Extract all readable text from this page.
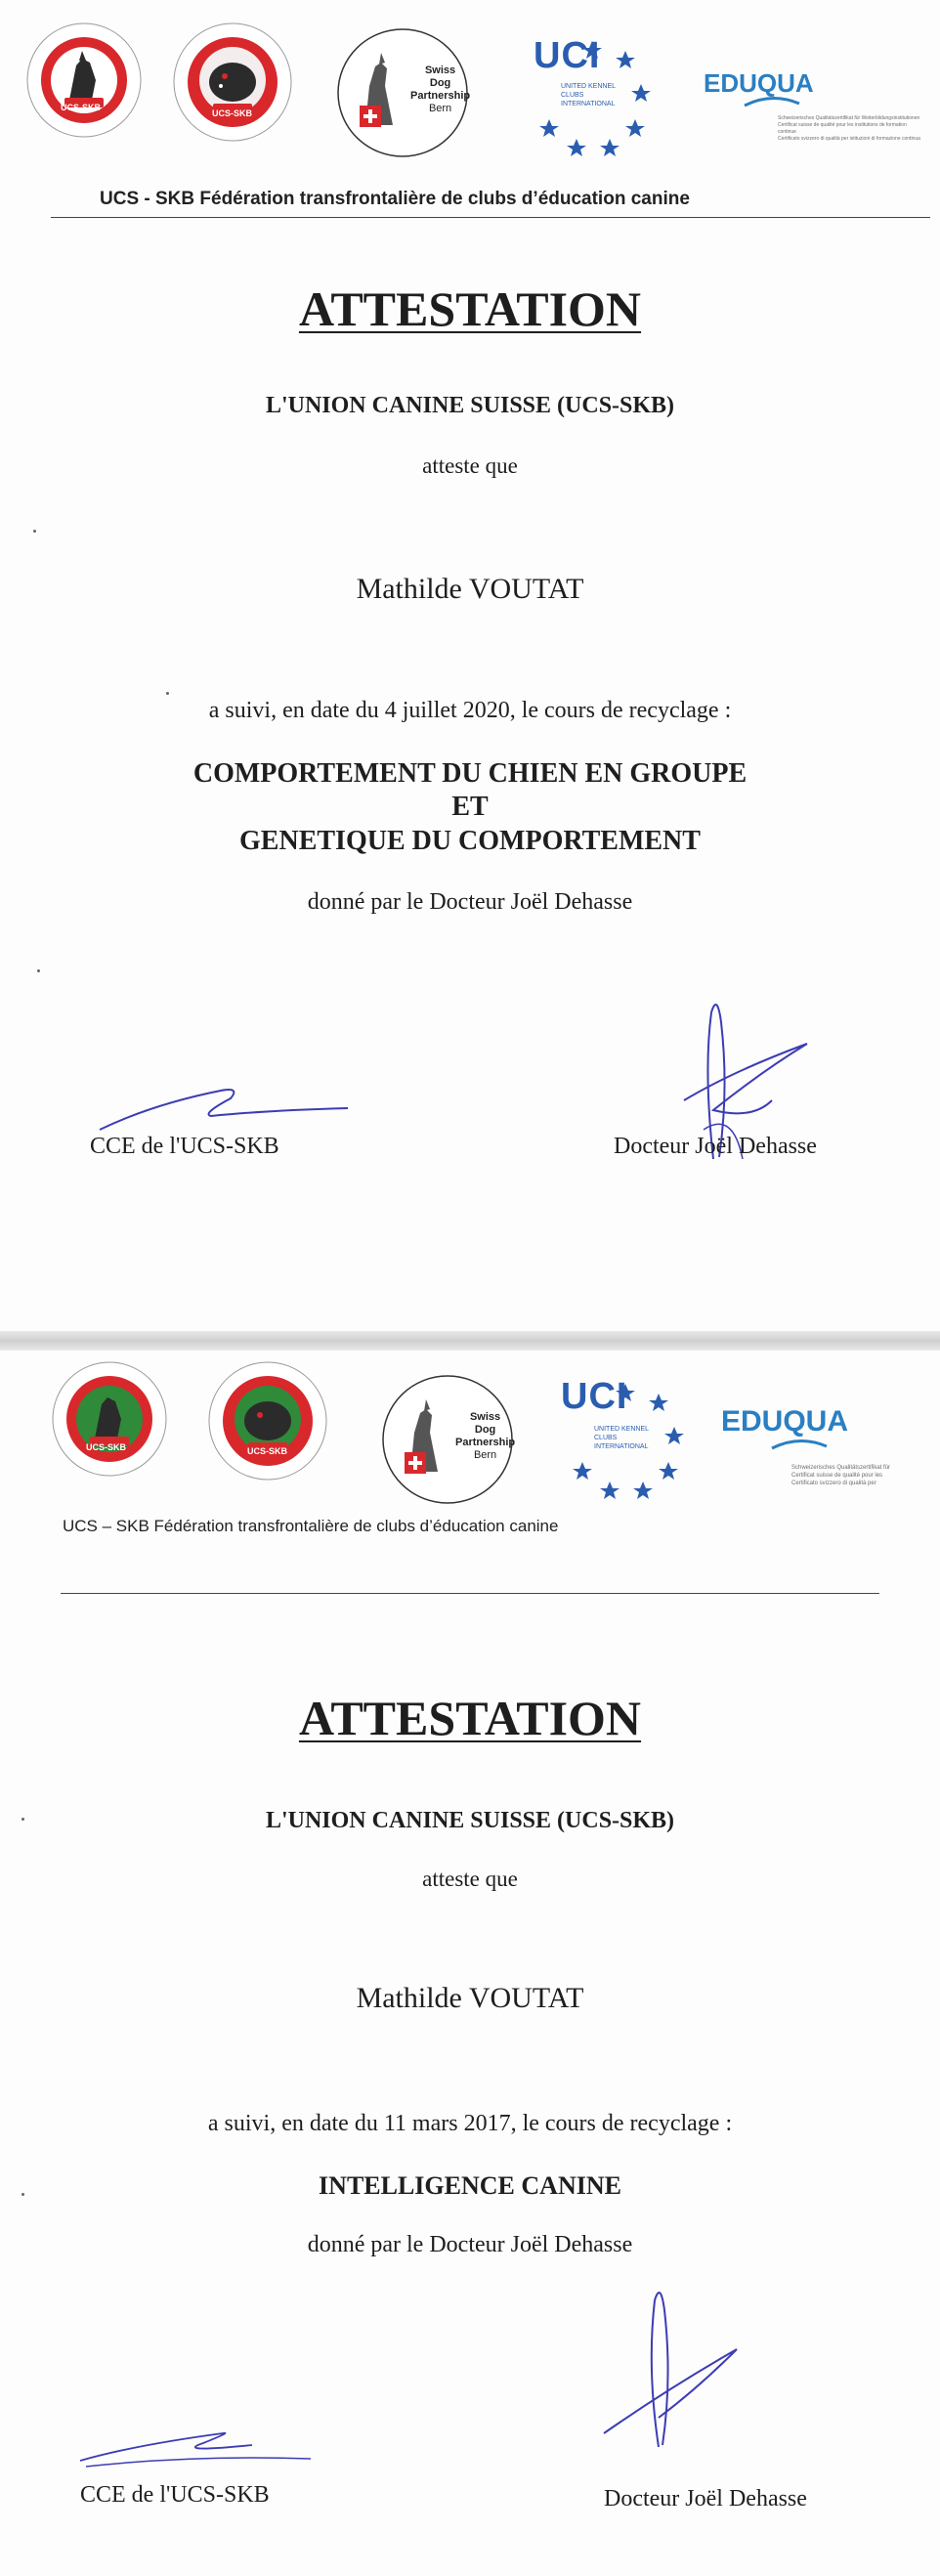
UCS-SKB
UCS-SKB
Swiss
Dog
Partnership
Bern
UCI
UNITED KENNEL
CLUBS
INTERNATIONAL
EDUQUA
Schweizerisches Qualitätszertifikat für Weiterbildungsinstitutionen
Certificat suisse de qualité pour les institutions de formation continue
Certificato svizzero di qualità per istituzioni di formazione continua
UCS - SKB Fédération transfrontalière de clubs d’éducation canine
ATTESTATION
L'UNION CANINE SUISSE (UCS-SKB)
atteste que
Mathilde VOUTAT
a suivi, en date du 4 juillet 2020, le cours de recyclage :
COMPORTEMENT DU CHIEN EN GROUPE
ET
GENETIQUE DU COMPORTEMENT
donné par le Docteur Joël Dehasse
CCE de l'UCS-SKB	Docteur Joël Dehasse
UCS-SKB	UCS-SKB
Swiss
Dog
Partnership
Bern
UCI
UNITED KENNEL
CLUBS
INTERNATIONAL
EDUQUA
Schweizerisches Qualitätszertifikat für
Certificat suisse de qualité pour les
Certificato svizzero di qualità per
UCS – SKB Fédération transfrontalière de clubs d’éducation canine
ATTESTATION
L'UNION CANINE SUISSE (UCS-SKB)
atteste que
Mathilde VOUTAT
a suivi, en date du 11 mars 2017, le cours de recyclage :
INTELLIGENCE CANINE
donné par le Docteur Joël Dehasse
CCE de l'UCS-SKB	Docteur Joël Dehasse
